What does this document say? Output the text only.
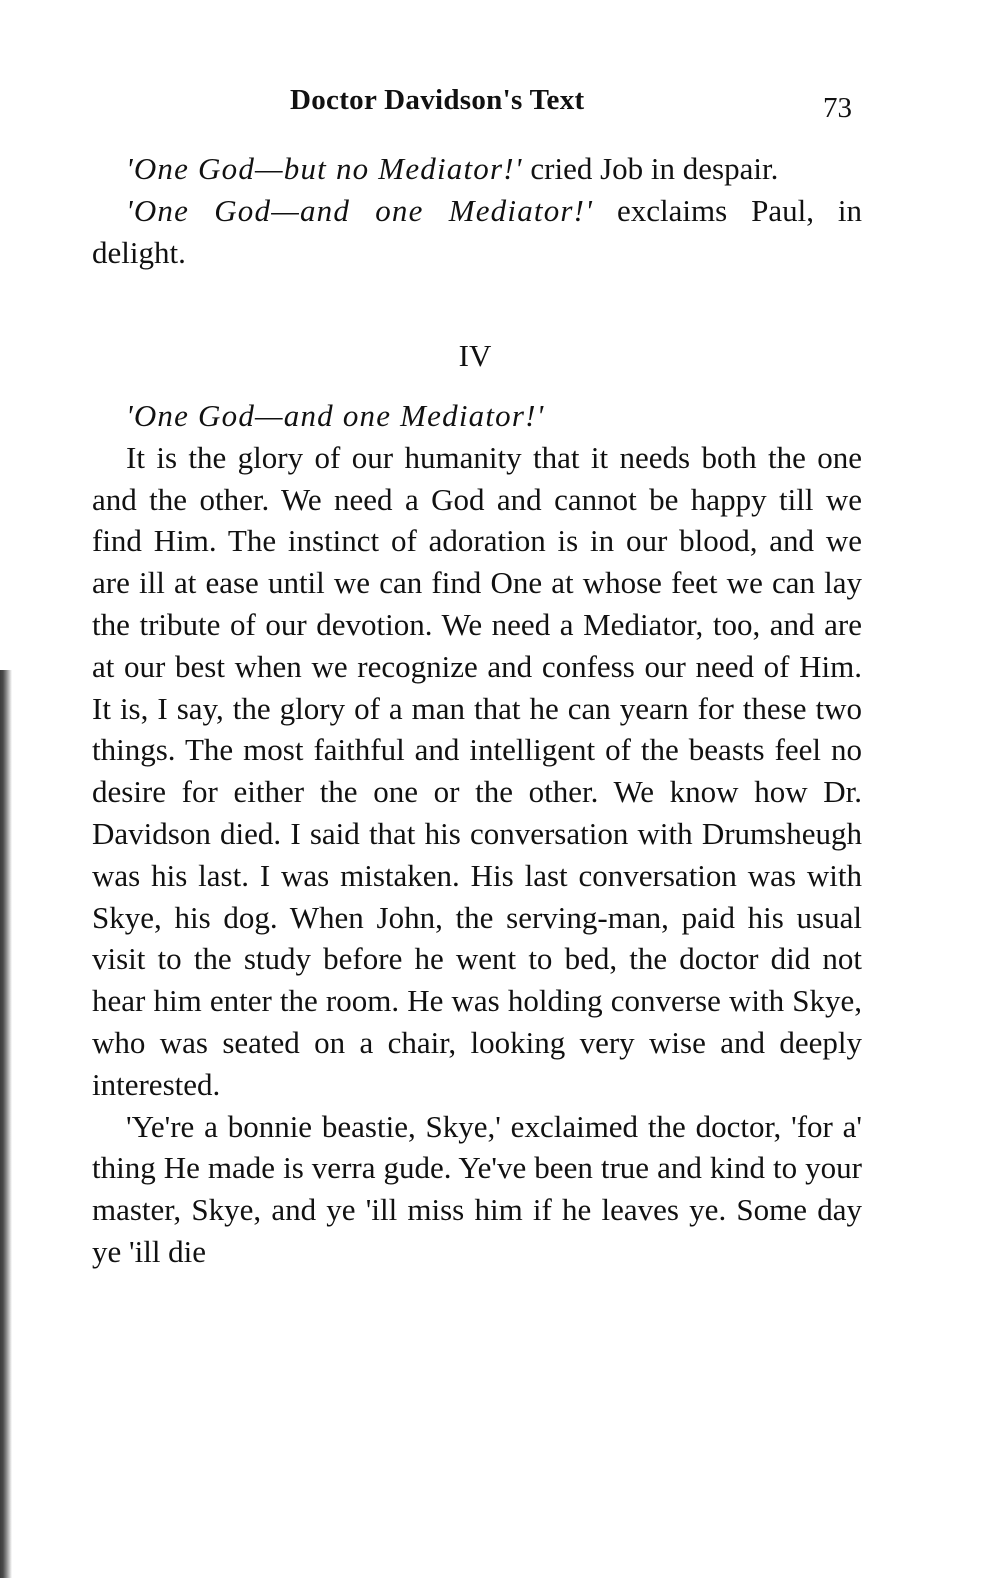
Doctor Davidson's Text	73

'One God—but no Mediator!' cried Job in despair.

'One God—and one Mediator!' exclaims Paul, in delight.

IV

'One God—and one Mediator!'

It is the glory of our humanity that it needs both the one and the other. We need a God and cannot be happy till we find Him. The instinct of adoration is in our blood, and we are ill at ease until we can find One at whose feet we can lay the tribute of our devotion. We need a Mediator, too, and are at our best when we recognize and confess our need of Him. It is, I say, the glory of a man that he can yearn for these two things. The most faithful and intelligent of the beasts feel no desire for either the one or the other. We know how Dr. Davidson died. I said that his conversation with Drumsheugh was his last. I was mistaken. His last conversation was with Skye, his dog. When John, the serving-man, paid his usual visit to the study before he went to bed, the doctor did not hear him enter the room. He was holding converse with Skye, who was seated on a chair, looking very wise and deeply interested.

'Ye're a bonnie beastie, Skye,' exclaimed the doctor, 'for a' thing He made is verra gude. Ye've been true and kind to your master, Skye, and ye 'ill miss him if he leaves ye. Some day ye 'ill die
